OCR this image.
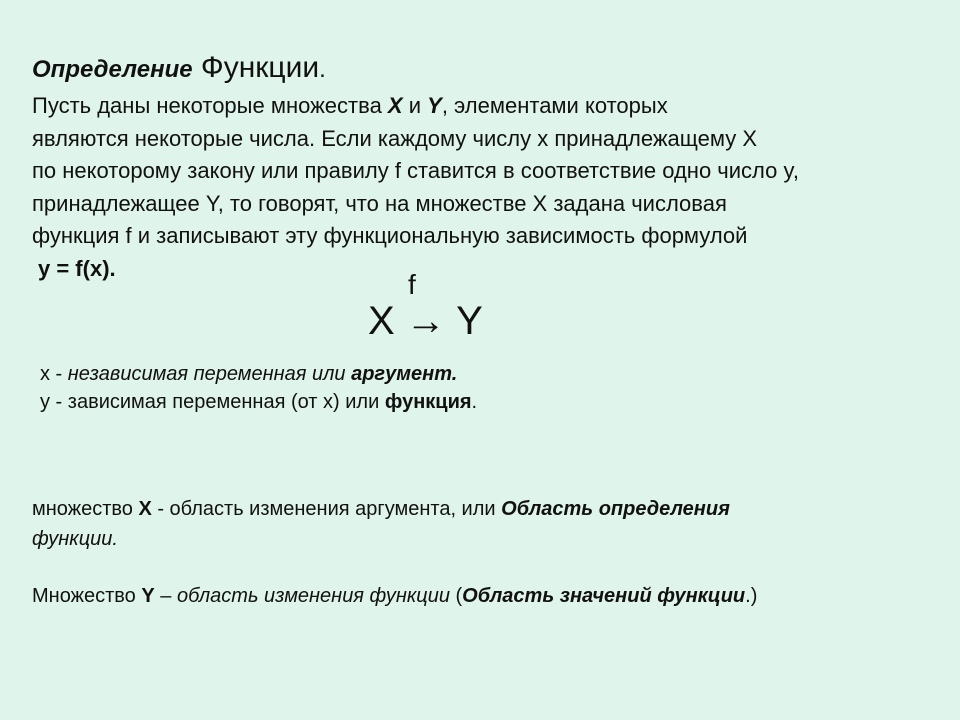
Определение Функции.
Пусть даны некоторые множества X и Y, элементами которых
являются некоторые числа. Если каждому числу x принадлежащему X
по некоторому закону или правилу f ставится в соответствие одно число y,
принадлежащее Y, то говорят, что на множестве X задана числовая
функция f и записывают эту функциональную зависимость формулой
y = f(x).
f
X → Y
x - независимая переменная или аргумент.
y - зависимая переменная (от x) или функция.
множество X - область изменения аргумента, или Область определения
функции.
Множество Y – область изменения функции (Область значений функции.)
